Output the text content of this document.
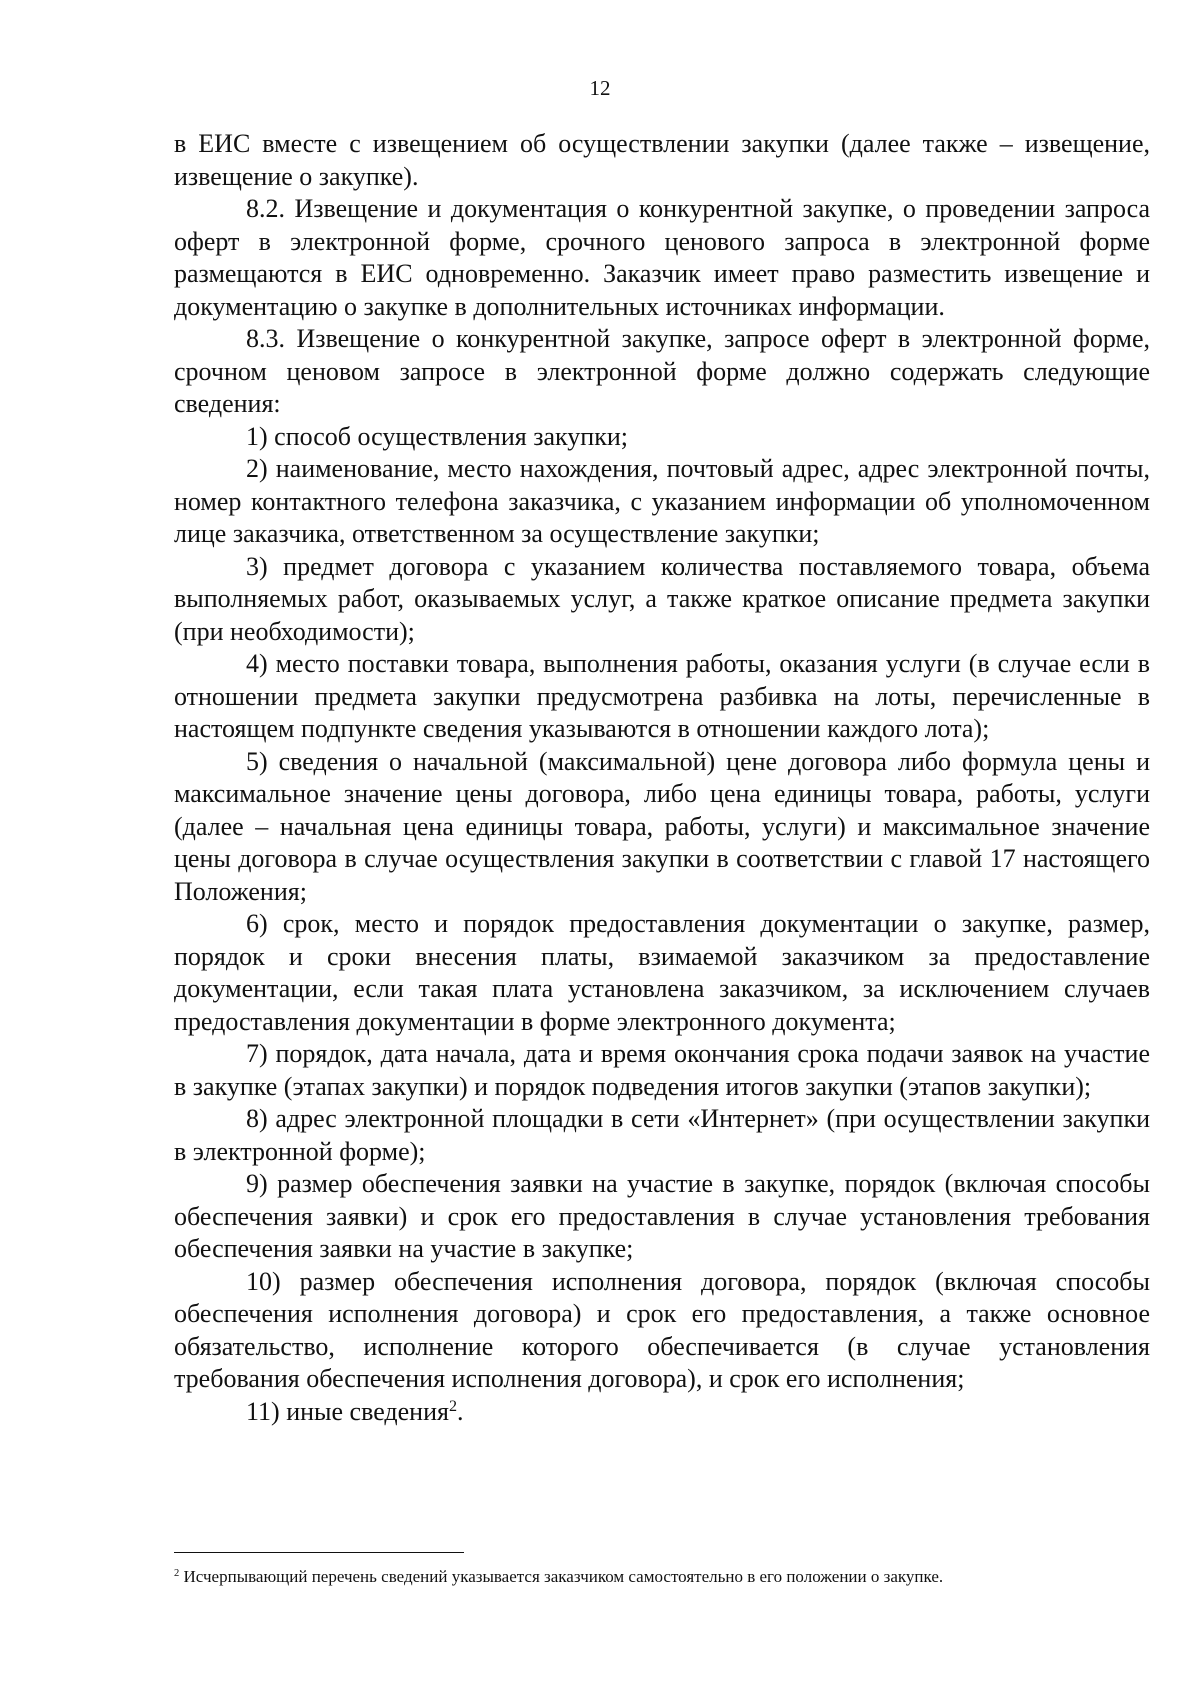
12

в ЕИС вместе с извещением об осуществлении закупки (далее также – извещение, извещение о закупке).

8.2. Извещение и документация о конкурентной закупке, о проведении запроса оферт в электронной форме, срочного ценового запроса в электронной форме размещаются в ЕИС одновременно. Заказчик имеет право разместить извещение и документацию о закупке в дополнительных источниках информации.

8.3. Извещение о конкурентной закупке, запросе оферт в электронной форме, срочном ценовом запросе в электронной форме должно содержать следующие сведения:

1) способ осуществления закупки;

2) наименование, место нахождения, почтовый адрес, адрес электронной почты, номер контактного телефона заказчика, с указанием информации об уполномоченном лице заказчика, ответственном за осуществление закупки;

3) предмет договора с указанием количества поставляемого товара, объема выполняемых работ, оказываемых услуг, а также краткое описание предмета закупки (при необходимости);

4) место поставки товара, выполнения работы, оказания услуги (в случае если в отношении предмета закупки предусмотрена разбивка на лоты, перечисленные в настоящем подпункте сведения указываются в отношении каждого лота);

5) сведения о начальной (максимальной) цене договора либо формула цены и максимальное значение цены договора, либо цена единицы товара, работы, услуги (далее – начальная цена единицы товара, работы, услуги) и максимальное значение цены договора в случае осуществления закупки в соответствии с главой 17 настоящего Положения;

6) срок, место и порядок предоставления документации о закупке, размер, порядок и сроки внесения платы, взимаемой заказчиком за предоставление документации, если такая плата установлена заказчиком, за исключением случаев предоставления документации в форме электронного документа;

7) порядок, дата начала, дата и время окончания срока подачи заявок на участие в закупке (этапах закупки) и порядок подведения итогов закупки (этапов закупки);

8) адрес электронной площадки в сети «Интернет» (при осуществлении закупки в электронной форме);

9) размер обеспечения заявки на участие в закупке, порядок (включая способы обеспечения заявки) и срок его предоставления в случае установления требования обеспечения заявки на участие в закупке;

10) размер обеспечения исполнения договора, порядок (включая способы обеспечения исполнения договора) и срок его предоставления, а также основное обязательство, исполнение которого обеспечивается (в случае установления требования обеспечения исполнения договора), и срок его исполнения;

11) иные сведения$^2$.

$^2$ Исчерпывающий перечень сведений указывается заказчиком самостоятельно в его положении о закупке.
